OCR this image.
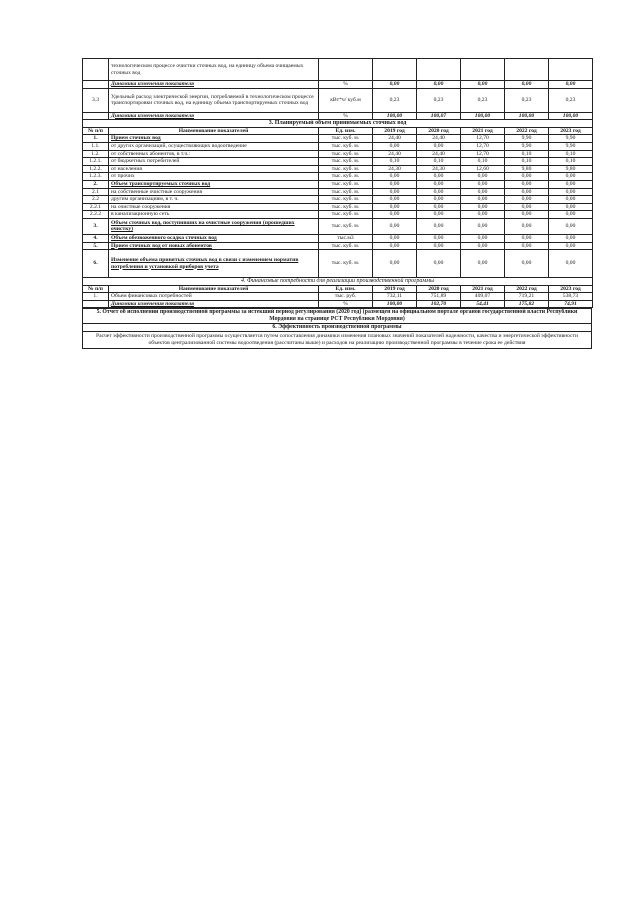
	технологическом процессе очистки сточных вод, на единицу объема очищаемых сточных вод						
	Динамика изменения показателя	%	0,00	0,00	0,00	0,00	0,00
3.3	Удельный расход электрической энергии, потребляемой в технологическом процессе транспортировки сточных вод, на единицу объема транспортируемых сточных вод	кВт*ч/ куб.м	0,23	0,23	0,23	0,23	0,23
	Динамика изменения показателя	%	100,00	100,07	100,00	100,00	100,00
3. Планируемый объем принимаемых сточных вод							
№ п/п	Наименование показателей	Ед. изм.	2019 год	2020 год	2021 год	2022 год	2023 год
1.	Прием сточных вод	тыс. куб. м.	24,40	24,40	12,70	9,90	9,90
1.1.	от других организаций, осуществляющих водоотведение	тыс. куб. м.	0,00	0,00	12,70	9,90	9,90
1.2.	от собственных абонентов, в т.ч.:	тыс. куб. м.	24,40	24,40	12,70	0,10	0,10
1.2.1.	от бюджетных потребителей	тыс. куб. м.	0,10	0,10	0,10	0,10	0,10
1.2.2.	от населения	тыс. куб. м.	24,30	24,30	12,60	9,80	9,80
1.2.3.	от прочих	тыс. куб. м.	0,00	0,00	0,00	0,00	0,00
2.	Объем транспортируемых сточных вод	тыс. куб. м.	0,00	0,00	0,00	0,00	0,00
2.1	на собственные очистные сооружения	тыс. куб. м.	0,00	0,00	0,00	0,00	0,00
2.2	другим организациям, в т. ч.	тыс. куб. м.	0,00	0,00	0,00	0,00	0,00
2.2.1	на очистные сооружения	тыс. куб. м.	0,00	0,00	0,00	0,00	0,00
2.2.2	в канализационную сеть	тыс. куб. м.	0,00	0,00	0,00	0,00	0,00
3.	Объем сточных вод, поступивших на очистные сооружения (прошедших очистку)	тыс. куб. м.	0,00	0,00	0,00	0,00	0,00
4.	Объем обезвоженного осадка сточных вод	тыс.м3	0,00	0,00	0,00	0,00	0,00
5.	Прием сточных вод от новых абонентов	тыс. куб. м.	0,00	0,00	0,00	0,00	0,00
6.	Изменение объема принятых сточных вод в связи с изменением норматив потребления и установкой приборов учета	тыс. куб. м.	0,00	0,00	0,00	0,00	0,00
4. Финансовые потребности для реализации производственной программы							
№ п/п	Наименование показателей	Ед. изм.	2019 год	2020 год	2021 год	2022 год	2023 год
1.	Объем финансовых потребностей	тыс. руб.	732,11	751,89	409,07	719,21	538,73
	Динамика изменения показателя	%	100,00	102,70	54,41	175,82	74,91
5. Отчет об исполнении производственной программы за истекший период регулирования (2020 год) (размещен на официальном портале органов государственной власти Республики Мордовия на странице РСТ Республики Мордовия)
6. Эффективность производственной программы
Расчет эффективности производственной программы осуществляется путем сопоставления динамики изменения плановых значений показателей надежности, качества и энергетической эффективности объектов централизованной системы водоотведения (рассчитаны выше) и расходов на реализацию производственной программы в течение срока ее действия
